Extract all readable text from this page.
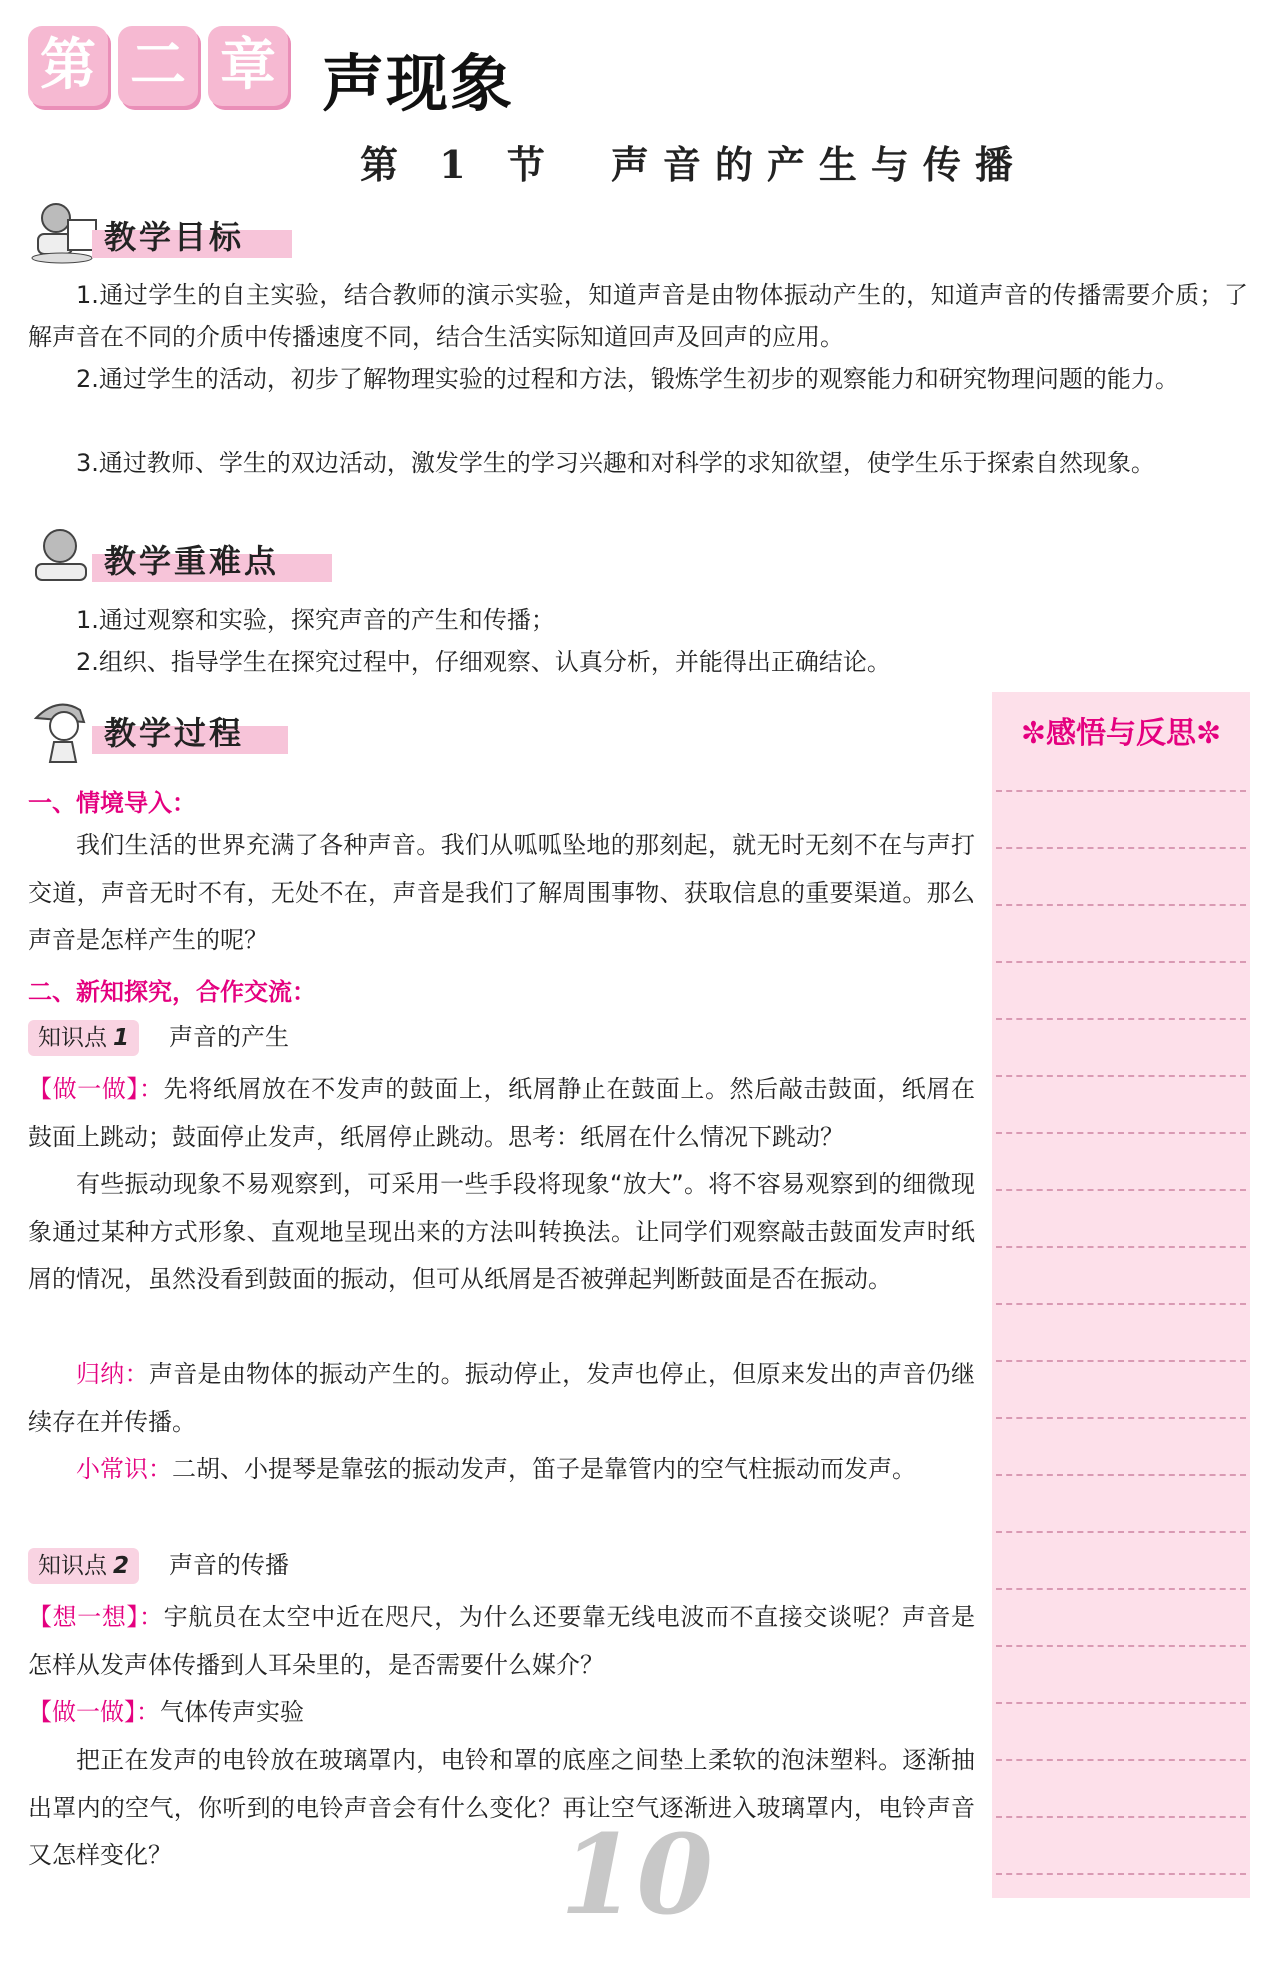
第 二 章 声现象
第 1 节　声音的产生与传播
教学目标
1.通过学生的自主实验，结合教师的演示实验，知道声音是由物体振动产生的，知道声音的传播需要介质；了解声音在不同的介质中传播速度不同，结合生活实际知道回声及回声的应用。
2.通过学生的活动，初步了解物理实验的过程和方法，锻炼学生初步的观察能力和研究物理问题的能力。
3.通过教师、学生的双边活动，激发学生的学习兴趣和对科学的求知欲望，使学生乐于探索自然现象。
教学重难点
1.通过观察和实验，探究声音的产生和传播；
2.组织、指导学生在探究过程中，仔细观察、认真分析，并能得出正确结论。
教学过程
一、情境导入：
我们生活的世界充满了各种声音。我们从呱呱坠地的那刻起，就无时无刻不在与声打交道，声音无时不有，无处不在，声音是我们了解周围事物、获取信息的重要渠道。那么声音是怎样产生的呢？
二、新知探究，合作交流：
知识点 1 声音的产生
【做一做】：先将纸屑放在不发声的鼓面上，纸屑静止在鼓面上。然后敲击鼓面，纸屑在鼓面上跳动；鼓面停止发声，纸屑停止跳动。思考：纸屑在什么情况下跳动？
有些振动现象不易观察到，可采用一些手段将现象“放大”。将不容易观察到的细微现象通过某种方式形象、直观地呈现出来的方法叫转换法。让同学们观察敲击鼓面发声时纸屑的情况，虽然没看到鼓面的振动，但可从纸屑是否被弹起判断鼓面是否在振动。
归纳：声音是由物体的振动产生的。振动停止，发声也停止，但原来发出的声音仍继续存在并传播。
小常识：二胡、小提琴是靠弦的振动发声，笛子是靠管内的空气柱振动而发声。
知识点 2 声音的传播
【想一想】：宇航员在太空中近在咫尺，为什么还要靠无线电波而不直接交谈呢？声音是怎样从发声体传播到人耳朵里的，是否需要什么媒介？
【做一做】：气体传声实验
把正在发声的电铃放在玻璃罩内，电铃和罩的底座之间垫上柔软的泡沫塑料。逐渐抽出罩内的空气，你听到的电铃声音会有什么变化？再让空气逐渐进入玻璃罩内，电铃声音又怎样变化？
✼感悟与反思✼
10
